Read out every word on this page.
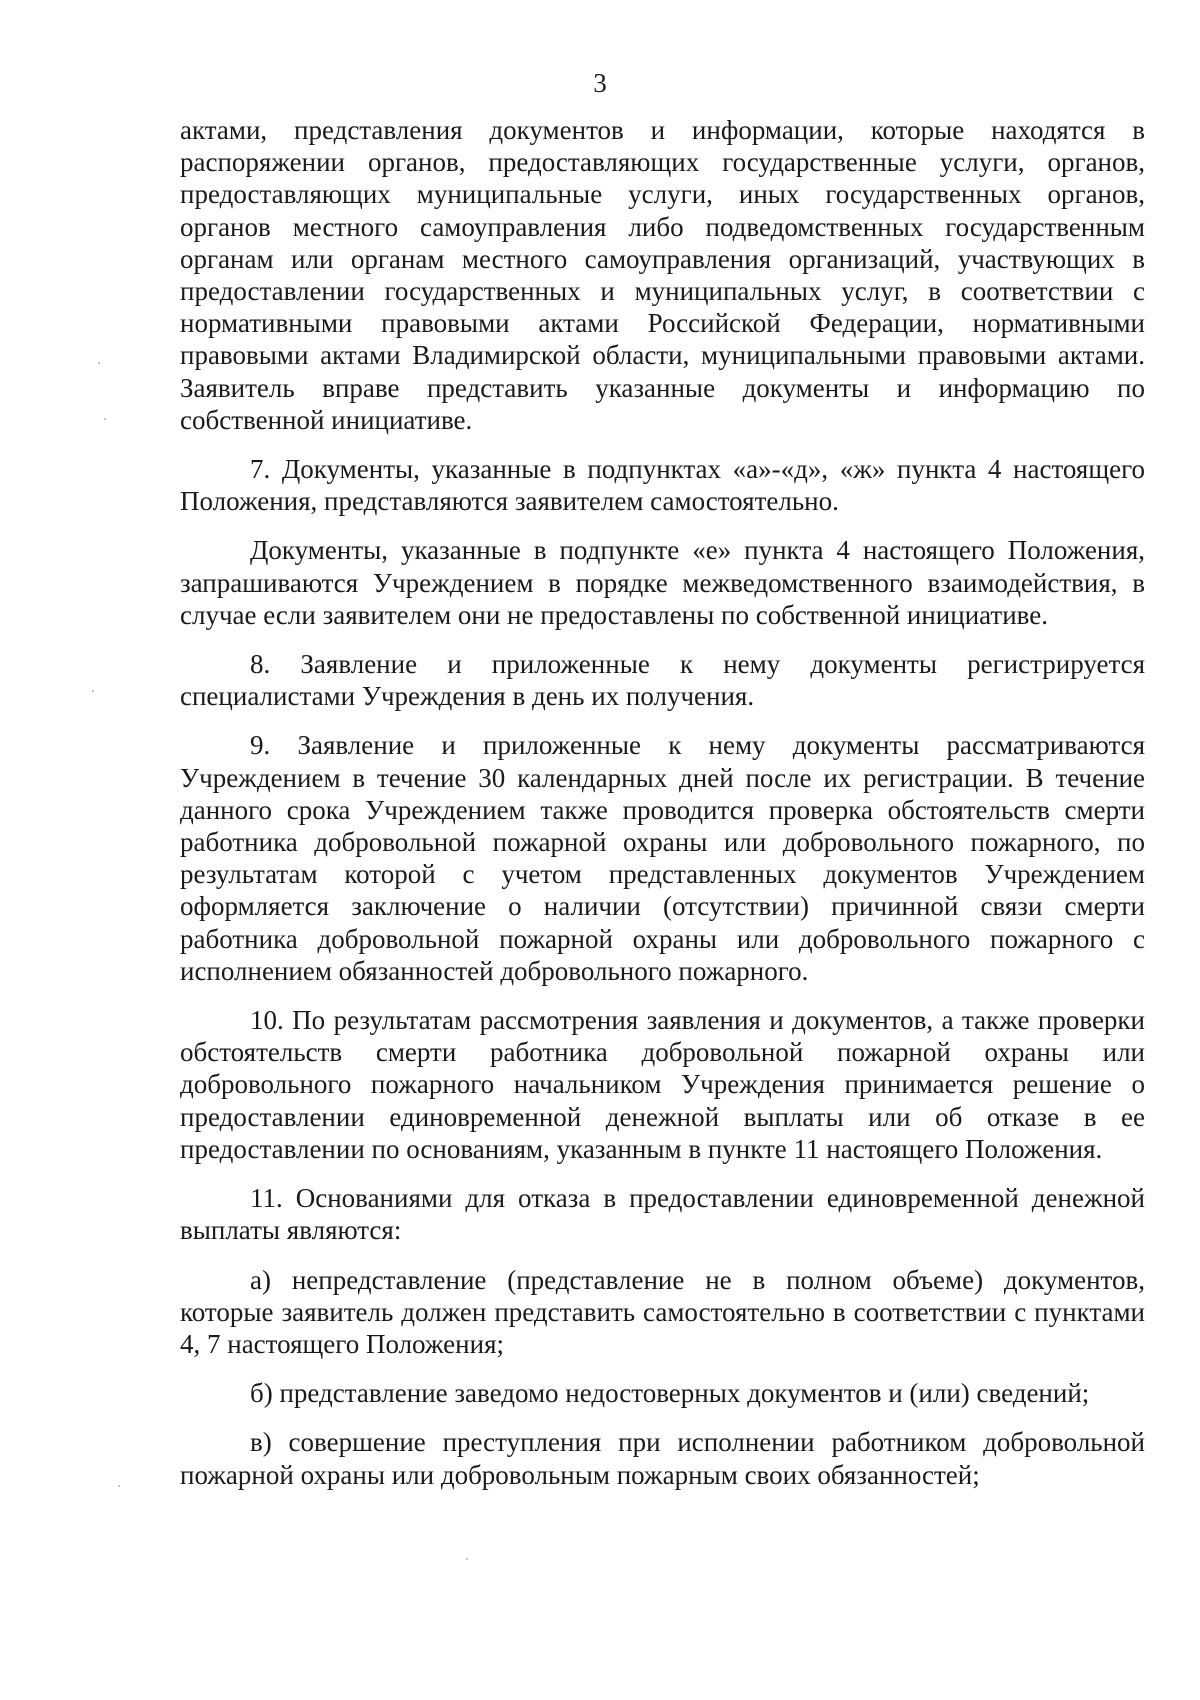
3

актами, представления документов и информации, которые находятся в распоряжении органов, предоставляющих государственные услуги, органов, предоставляющих муниципальные услуги, иных государственных органов, органов местного самоуправления либо подведомственных государственным органам или органам местного самоуправления организаций, участвующих в предоставлении государственных и муниципальных услуг, в соответствии с нормативными правовыми актами Российской Федерации, нормативными правовыми актами Владимирской области, муниципальными правовыми актами. Заявитель вправе представить указанные документы и информацию по собственной инициативе.

7. Документы, указанные в подпунктах «а»-«д», «ж» пункта 4 настоящего Положения, представляются заявителем самостоятельно.

Документы, указанные в подпункте «е» пункта 4 настоящего Положения, запрашиваются Учреждением в порядке межведомственного взаимодействия, в случае если заявителем они не предоставлены по собственной инициативе.

8. Заявление и приложенные к нему документы регистрируется специалистами Учреждения в день их получения.

9. Заявление и приложенные к нему документы рассматриваются Учреждением в течение 30 календарных дней после их регистрации. В течение данного срока Учреждением также проводится проверка обстоятельств смерти работника добровольной пожарной охраны или добровольного пожарного, по результатам которой с учетом представленных документов Учреждением оформляется заключение о наличии (отсутствии) причинной связи смерти работника добровольной пожарной охраны или добровольного пожарного с исполнением обязанностей добровольного пожарного.

10. По результатам рассмотрения заявления и документов, а также проверки обстоятельств смерти работника добровольной пожарной охраны или добровольного пожарного начальником Учреждения принимается решение о предоставлении единовременной денежной выплаты или об отказе в ее предоставлении по основаниям, указанным в пункте 11 настоящего Положения.

11. Основаниями для отказа в предоставлении единовременной денежной выплаты являются:

а) непредставление (представление не в полном объеме) документов, которые заявитель должен представить самостоятельно в соответствии с пунктами 4, 7 настоящего Положения;

б) представление заведомо недостоверных документов и (или) сведений;

в) совершение преступления при исполнении работником добровольной пожарной охраны или добровольным пожарным своих обязанностей;
